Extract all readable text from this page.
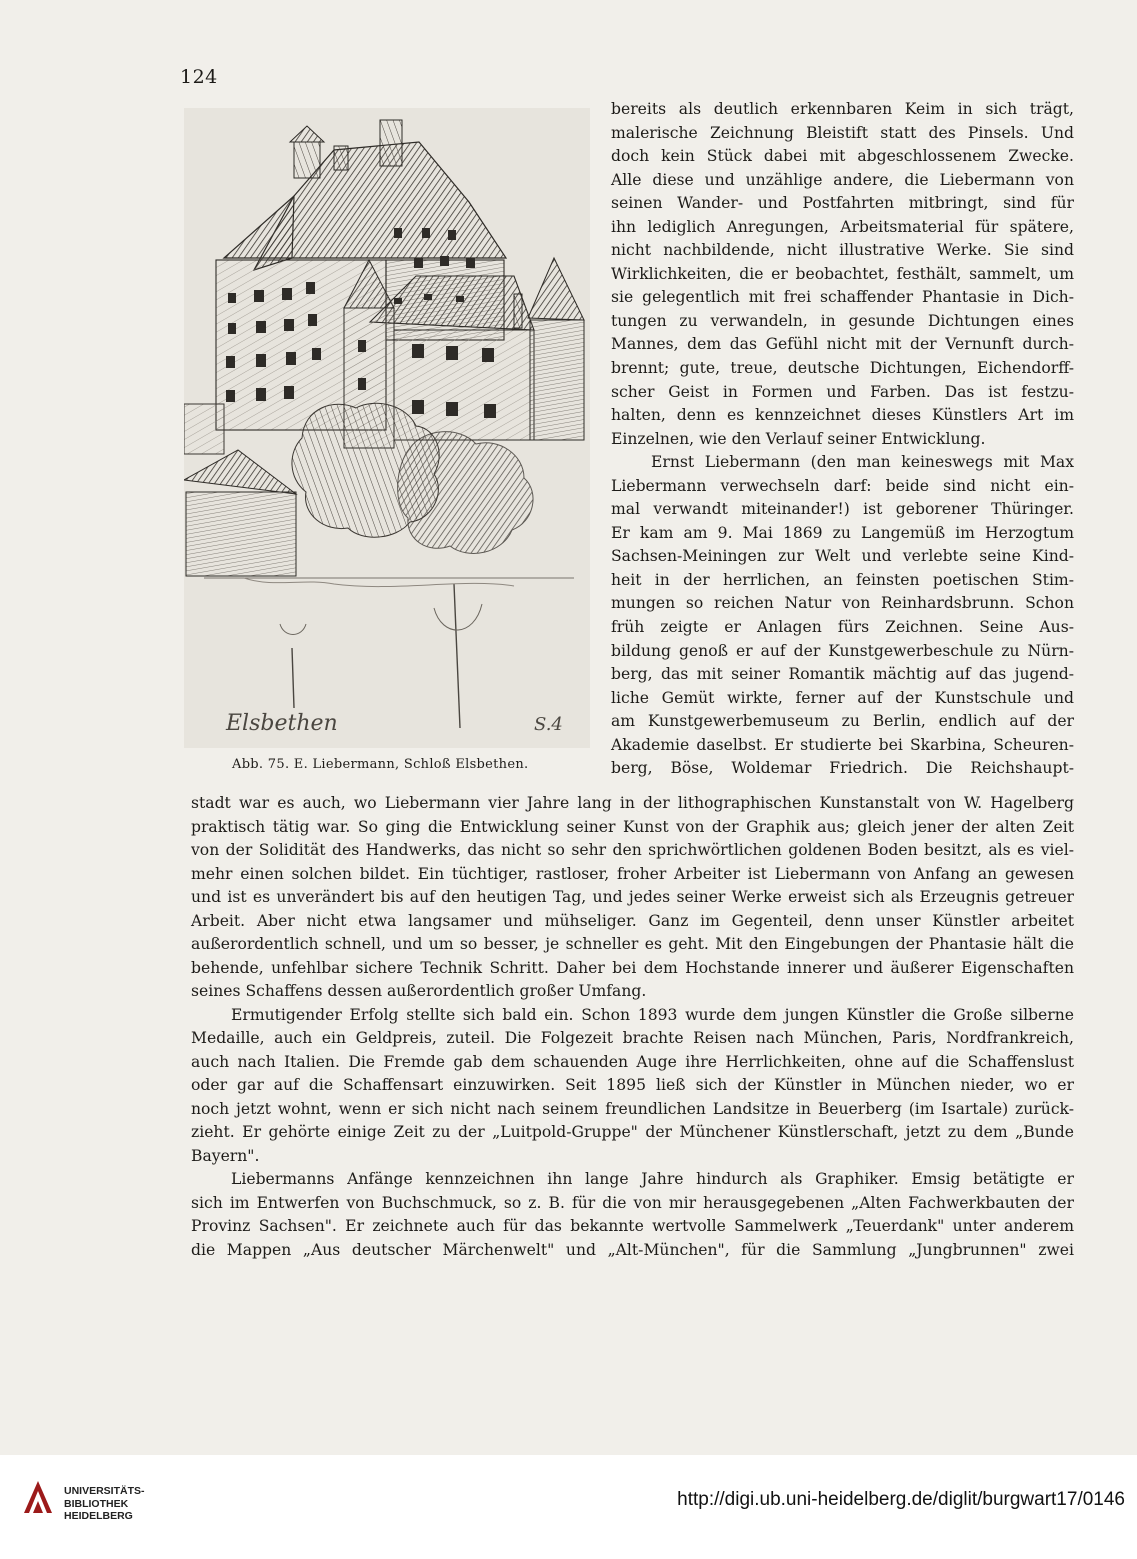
124
Elsbethen	S.4
Abb. 75. E. Liebermann, Schloß Elsbethen.
bereits als deutlich erkennbaren Keim in sich trägt,
malerische Zeichnung Bleistift statt des Pinsels. Und
doch kein Stück dabei mit abgeschlossenem Zwecke.
Alle diese und unzählige andere, die Liebermann von
seinen Wander- und Postfahrten mitbringt, sind für
ihn lediglich Anregungen, Arbeitsmaterial für spätere,
nicht nachbildende, nicht illustrative Werke. Sie sind
Wirklichkeiten, die er beobachtet, festhält, sammelt, um
sie gelegentlich mit frei schaffender Phantasie in Dich-
tungen zu verwandeln, in gesunde Dichtungen eines
Mannes, dem das Gefühl nicht mit der Vernunft durch-
brennt; gute, treue, deutsche Dichtungen, Eichendorff-
scher Geist in Formen und Farben. Das ist festzu-
halten, denn es kennzeichnet dieses Künstlers Art im
Einzelnen, wie den Verlauf seiner Entwicklung.
Ernst Liebermann (den man keineswegs mit Max
Liebermann verwechseln darf: beide sind nicht ein-
mal verwandt miteinander!) ist geborener Thüringer.
Er kam am 9. Mai 1869 zu Langemüß im Herzogtum
Sachsen-Meiningen zur Welt und verlebte seine Kind-
heit in der herrlichen, an feinsten poetischen Stim-
mungen so reichen Natur von Reinhardsbrunn. Schon
früh zeigte er Anlagen fürs Zeichnen. Seine Aus-
bildung genoß er auf der Kunstgewerbeschule zu Nürn-
berg, das mit seiner Romantik mächtig auf das jugend-
liche Gemüt wirkte, ferner auf der Kunstschule und
am Kunstgewerbemuseum zu Berlin, endlich auf der
Akademie daselbst. Er studierte bei Skarbina, Scheuren-
berg, Böse, Woldemar Friedrich. Die Reichshaupt-
stadt war es auch, wo Liebermann vier Jahre lang in der lithographischen Kunstanstalt von W. Hagelberg
praktisch tätig war. So ging die Entwicklung seiner Kunst von der Graphik aus; gleich jener der alten Zeit
von der Solidität des Handwerks, das nicht so sehr den sprichwörtlichen goldenen Boden besitzt, als es viel-
mehr einen solchen bildet. Ein tüchtiger, rastloser, froher Arbeiter ist Liebermann von Anfang an gewesen
und ist es unverändert bis auf den heutigen Tag, und jedes seiner Werke erweist sich als Erzeugnis getreuer
Arbeit. Aber nicht etwa langsamer und mühseliger. Ganz im Gegenteil, denn unser Künstler arbeitet
außerordentlich schnell, und um so besser, je schneller es geht. Mit den Eingebungen der Phantasie hält die
behende, unfehlbar sichere Technik Schritt. Daher bei dem Hochstande innerer und äußerer Eigenschaften
seines Schaffens dessen außerordentlich großer Umfang.
Ermutigender Erfolg stellte sich bald ein. Schon 1893 wurde dem jungen Künstler die Große silberne
Medaille, auch ein Geldpreis, zuteil. Die Folgezeit brachte Reisen nach München, Paris, Nordfrankreich,
auch nach Italien. Die Fremde gab dem schauenden Auge ihre Herrlichkeiten, ohne auf die Schaffenslust
oder gar auf die Schaffensart einzuwirken. Seit 1895 ließ sich der Künstler in München nieder, wo er
noch jetzt wohnt, wenn er sich nicht nach seinem freundlichen Landsitze in Beuerberg (im Isartale) zurück-
zieht. Er gehörte einige Zeit zu der „Luitpold-Gruppe" der Münchener Künstlerschaft, jetzt zu dem „Bunde
Bayern".
Liebermanns Anfänge kennzeichnen ihn lange Jahre hindurch als Graphiker. Emsig betätigte er
sich im Entwerfen von Buchschmuck, so z. B. für die von mir herausgegebenen „Alten Fachwerkbauten der
Provinz Sachsen". Er zeichnete auch für das bekannte wertvolle Sammelwerk „Teuerdank" unter anderem
die Mappen „Aus deutscher Märchenwelt" und „Alt-München", für die Sammlung „Jungbrunnen" zwei
UNIVERSITÄTS-
BIBLIOTHEK
HEIDELBERG
http://digi.ub.uni-heidelberg.de/diglit/burgwart17/0146
